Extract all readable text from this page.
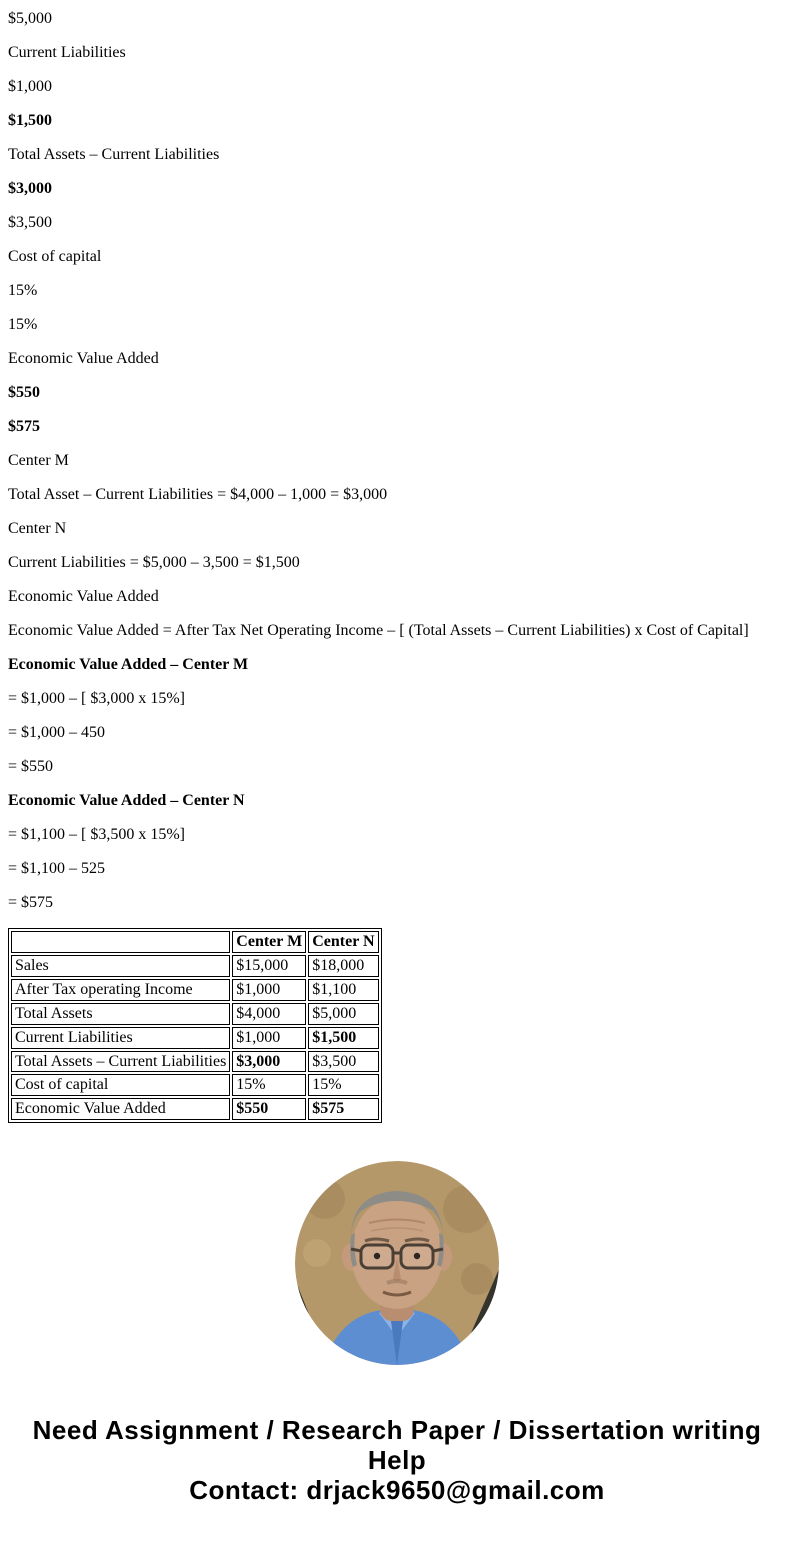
$5,000

Current Liabilities

$1,000

$1,500

Total Assets – Current Liabilities

$3,000

$3,500

Cost of capital

15%

15%

Economic Value Added

$550

$575

Center M

Total Asset – Current Liabilities = $4,000 – 1,000 = $3,000

Center N

Current Liabilities = $5,000 – 3,500 = $1,500

Economic Value Added

Economic Value Added = After Tax Net Operating Income – [ (Total Assets – Current Liabilities) x Cost of Capital]

Economic Value Added – Center M

= $1,000 – [ $3,000 x 15%]

= $1,000 – 450

= $550

Economic Value Added – Center N

= $1,100 – [ $3,500 x 15%]

= $1,100 – 525

= $575

	Center M	Center N
Sales	$15,000	$18,000
After Tax operating Income	$1,000	$1,100
Total Assets	$4,000	$5,000
Current Liabilities	$1,000	$1,500
Total Assets – Current Liabilities	$3,000	$3,500
Cost of capital	15%	15%
Economic Value Added	$550	$575

Need Assignment / Research Paper / Dissertation writing Help

Contact: drjack9650@gmail.com
